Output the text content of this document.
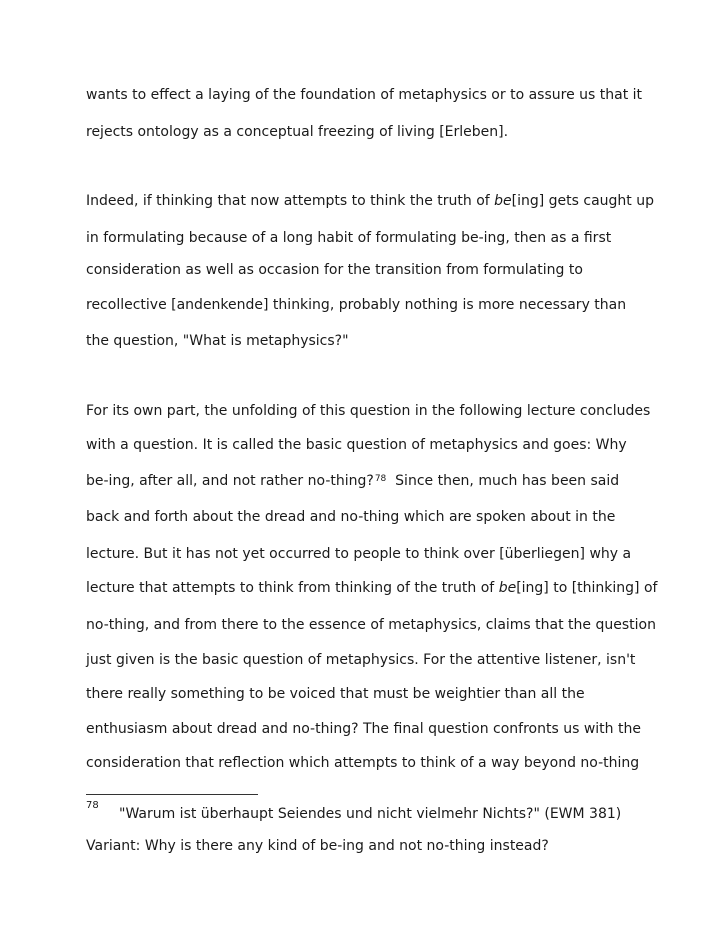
wants to effect a laying of the foundation of metaphysics or to assure us that it
rejects ontology as a conceptual freezing of living [Erleben].
Indeed, if thinking that now attempts to think the truth of be[ing] gets caught up
in formulating because of a long habit of formulating be-ing, then as a first
consideration as well as occasion for the transition from formulating to
recollective [andenkende] thinking, probably nothing is more necessary than
the question, "What is metaphysics?"
For its own part, the unfolding of this question in the following lecture concludes
with a question. It is called the basic question of metaphysics and goes: Why
be-ing, after all, and not rather no-thing?$^{78}$  Since then, much has been said
back and forth about the dread and no-thing which are spoken about in the
lecture. But it has not yet occurred to people to think over [überliegen] why a
lecture that attempts to think from thinking of the truth of be[ing] to [thinking] of
no-thing, and from there to the essence of metaphysics, claims that the question
just given is the basic question of metaphysics. For the attentive listener, isn't
there really something to be voiced that must be weightier than all the
enthusiasm about dread and no-thing? The final question confronts us with the
consideration that reflection which attempts to think of a way beyond no-thing
78
"Warum ist überhaupt Seiendes und nicht vielmehr Nichts?" (EWM 381)
Variant: Why is there any kind of be-ing and not no-thing instead?
